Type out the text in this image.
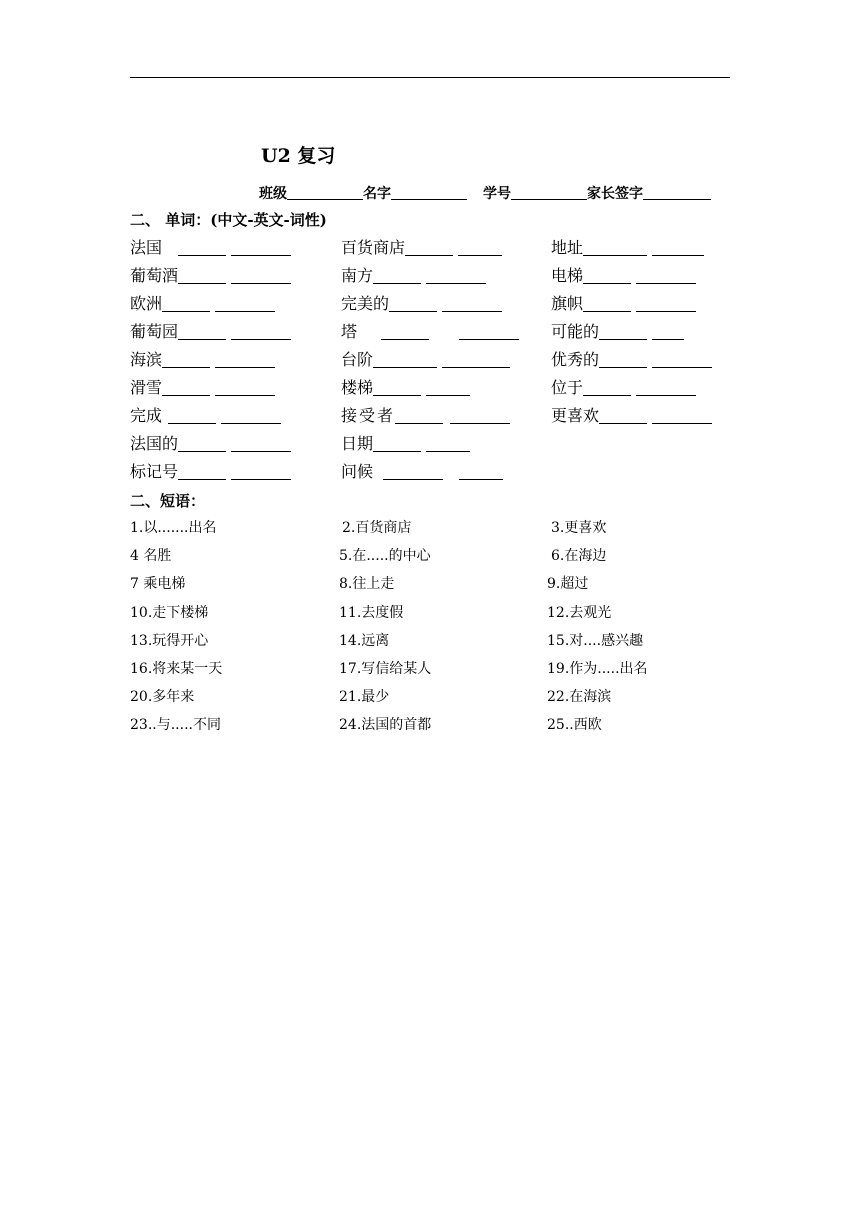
U2 复习
班级	名字	学号	家长签字
二、 单词：(中文-英文-词性)
法国	百货商店	地址
葡萄酒	南方	电梯
欧洲	完美的	旗帜
葡萄园	塔	可能的
海滨	台阶	优秀的
滑雪	楼梯	位于
完成	接受者	更喜欢
法国的	日期
标记号	问候
二、短语：
1.以.......出名	2.百货商店	3.更喜欢
4 名胜	5.在.....的中心	6.在海边
7 乘电梯	8.往上走	9.超过
10.走下楼梯	11.去度假	12.去观光
13.玩得开心	14.远离	15.对....感兴趣
16.将来某一天	17.写信给某人	19.作为.....出名
20.多年来	21.最少	22.在海滨
23..与.....不同	24.法国的首都	25..西欧
